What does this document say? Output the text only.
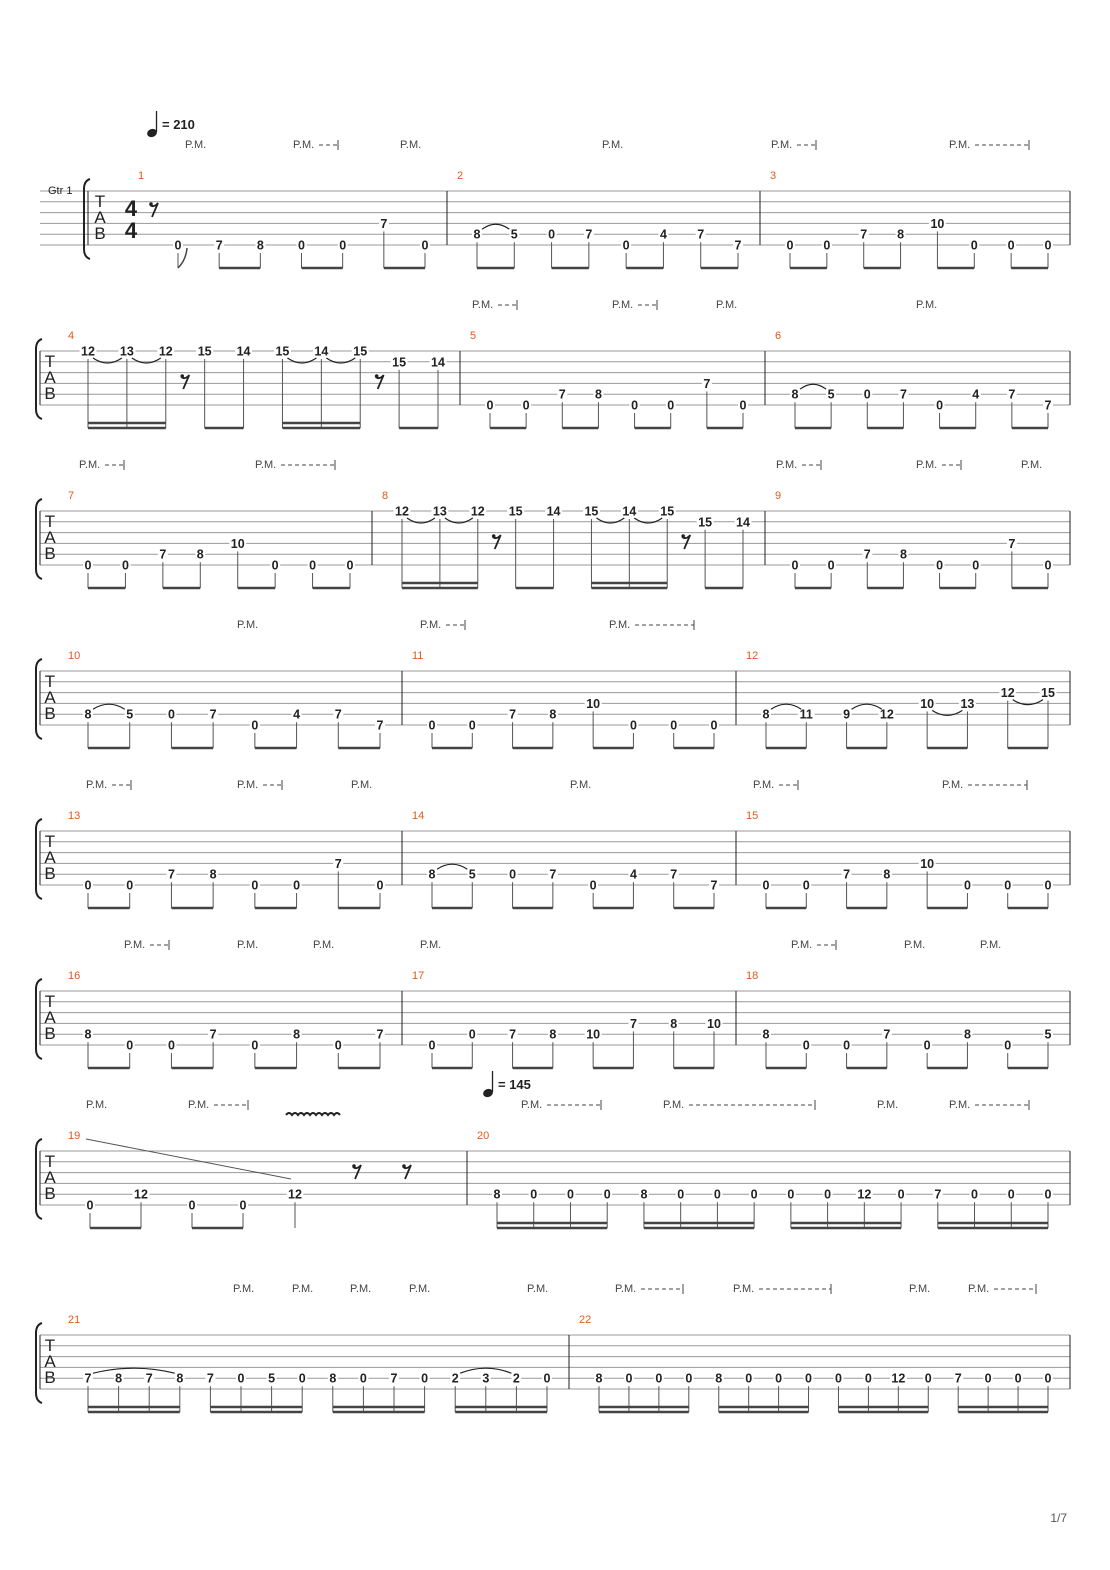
T
A
B
Gtr 1
4
4
= 210
P.M.	P.M.	P.M.	P.M.	P.M.	P.M.
1
0	7	8	0	0
7
0
2
8 5 0 7
0
4 7
7
3
0 0
7 8
10
0 0 0
T
A
B
P.M.	P.M.	P.M.	P.M.
4
12 13 12 15 14 15 14 15
15 14
5
0 0
7 8
0 0
7
0
6
8 5 0 7
0
4 7
7
T
A
B
P.M.	P.M.	P.M.	P.M.	P.M.
7
0 0
7 8
10
0 0 0
8
12 13 12 15 14 15 14 15
15 14
9
0 0
7 8
0 0
7
0
T
A
B
P.M.	P.M.	P.M.
10
8	5	0	7
0
4	7
7
11
0	0
7	8
10
0	0	0
12
8 11 9 12
10 13
12 15
T
A
B
P.M.	P.M.	P.M.	P.M.	P.M.	P.M.
13
0	0
7	8
0	0
7
0
14
8	5	0	7
0
4	7
7
15
0	0
7	8
10
0	0	0
T
A
B
P.M.	P.M.	P.M.	P.M.	P.M.	P.M.	P.M.
16
8
0	0
7
0
8
0
7
17
0
0	7	8 10
7	8 10
18
8
0	0
7
0
8
0
5
T
A
B
= 145
P.M.	P.M.	P.M.	P.M.	P.M.	P.M.
19
0
12
0	0
12
20
8 0 0 0 8 0 0 0 0 0 12 0 7 0 0 0
T
A
B
P.M.	P.M.	P.M.	P.M.	P.M.	P.M.	P.M.	P.M.	P.M.
21
7 8 7 8 7 0 5 0 8 0 7 0 2 3 2 0
22
8 0 0 0 8 0 0 0 0 0 12 0 7 0 0 0
1/7
